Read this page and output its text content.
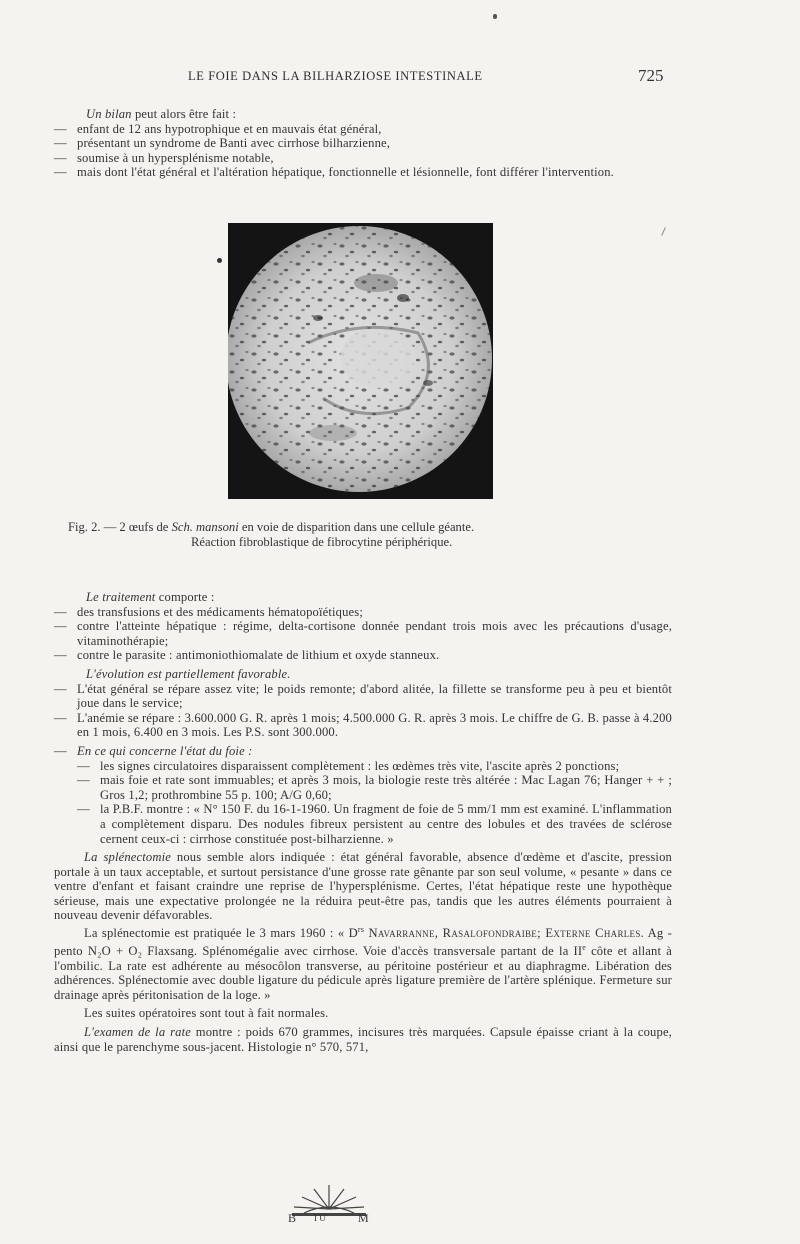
LE FOIE DANS LA BILHARZIOSE INTESTINALE	725

Un bilan peut alors être fait :

— enfant de 12 ans hypotrophique et en mauvais état général,
— présentant un syndrome de Banti avec cirrhose bilharzienne,
— soumise à un hypersplénisme notable,
— mais dont l'état général et l'altération hépatique, fonctionnelle et lésionnelle, font différer l'intervention.
Fig. 2. — 2 œufs de Sch. mansoni en voie de disparition dans une cellule géante.
Réaction fibroblastique de fibrocytine périphérique.

Le traitement comporte :

— des transfusions et des médicaments hématopoïétiques;
— contre l'atteinte hépatique : régime, delta-cortisone donnée pendant trois mois avec les précautions d'usage, vitaminothérapie;
— contre le parasite : antimoniothiomalate de lithium et oxyde stanneux.

L'évolution est partiellement favorable.

— L'état général se répare assez vite; le poids remonte; d'abord alitée, la fillette se transforme peu à peu et bientôt joue dans le service;
— L'anémie se répare : 3.600.000 G. R. après 1 mois; 4.500.000 G. R. après 3 mois. Le chiffre de G. B. passe à 4.200 en 1 mois, 6.400 en 3 mois. Les P.S. sont 300.000.
— En ce qui concerne l'état du foie :
— les signes circulatoires disparaissent complètement : les œdèmes très vite, l'ascite après 2 ponctions;
— mais foie et rate sont immuables; et après 3 mois, la biologie reste très altérée : Mac Lagan 76; Hanger + + ; Gros 1,2; prothrombine 55 p. 100; A/G 0,60;
— la P.B.F. montre : « N° 150 F. du 16-1-1960. Un fragment de foie de 5 mm/1 mm est examiné. L'inflammation a complètement disparu. Des nodules fibreux persistent au centre des lobules et des travées de sclérose cernent ceux-ci : cirrhose constituée post-bilharzienne. »

La splénectomie nous semble alors indiquée : état général favorable, absence d'œdème et d'ascite, pression portale à un taux acceptable, et surtout persistance d'une grosse rate gênante par son seul volume, « pesante » dans ce ventre d'enfant et faisant craindre une reprise de l'hypersplénisme. Certes, l'état hépatique reste une hypothèque sérieuse, mais une expectative prolongée ne la réduira peut-être pas, tandis que les autres éléments pourraient à nouveau devenir défavorables.

La splénectomie est pratiquée le 3 mars 1960 : « $D^{rs}$ Navarranne, Rasalofondraibe; Externe Charles. Ag - pento N₂O + O₂ Flaxsang. Splénomégalie avec cirrhose. Voie d'accès transversale partant de la IIe côte et allant à l'ombilic. La rate est adhérente au mésocôlon transverse, au péritoine postérieur et au diaphragme. Libération des adhérences. Splénectomie avec double ligature du pédicule après ligature première de l'artère splénique. Fermeture sur drainage après péritonisation de la loge. »

Les suites opératoires sont tout à fait normales.

L'examen de la rate montre : poids 670 grammes, incisures très marquées. Capsule épaisse criant à la coupe, ainsi que le parenchyme sous-jacent. Histologie n° 570, 571,

B I U	M
